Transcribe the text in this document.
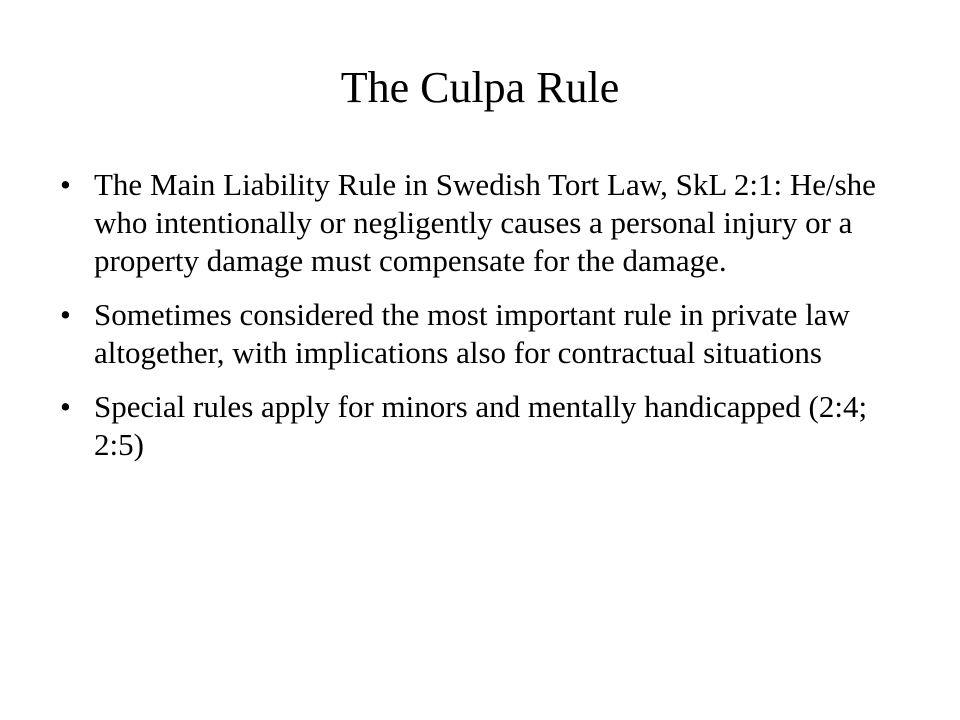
The Culpa Rule
• The Main Liability Rule in Swedish Tort Law, SkL 2:1: He/she who intentionally or negligently causes a personal injury or a property damage must compensate for the damage.
• Sometimes considered the most important rule in private law altogether, with implications also for contractual situations
• Special rules apply for minors and mentally handicapped (2:4; 2:5)
